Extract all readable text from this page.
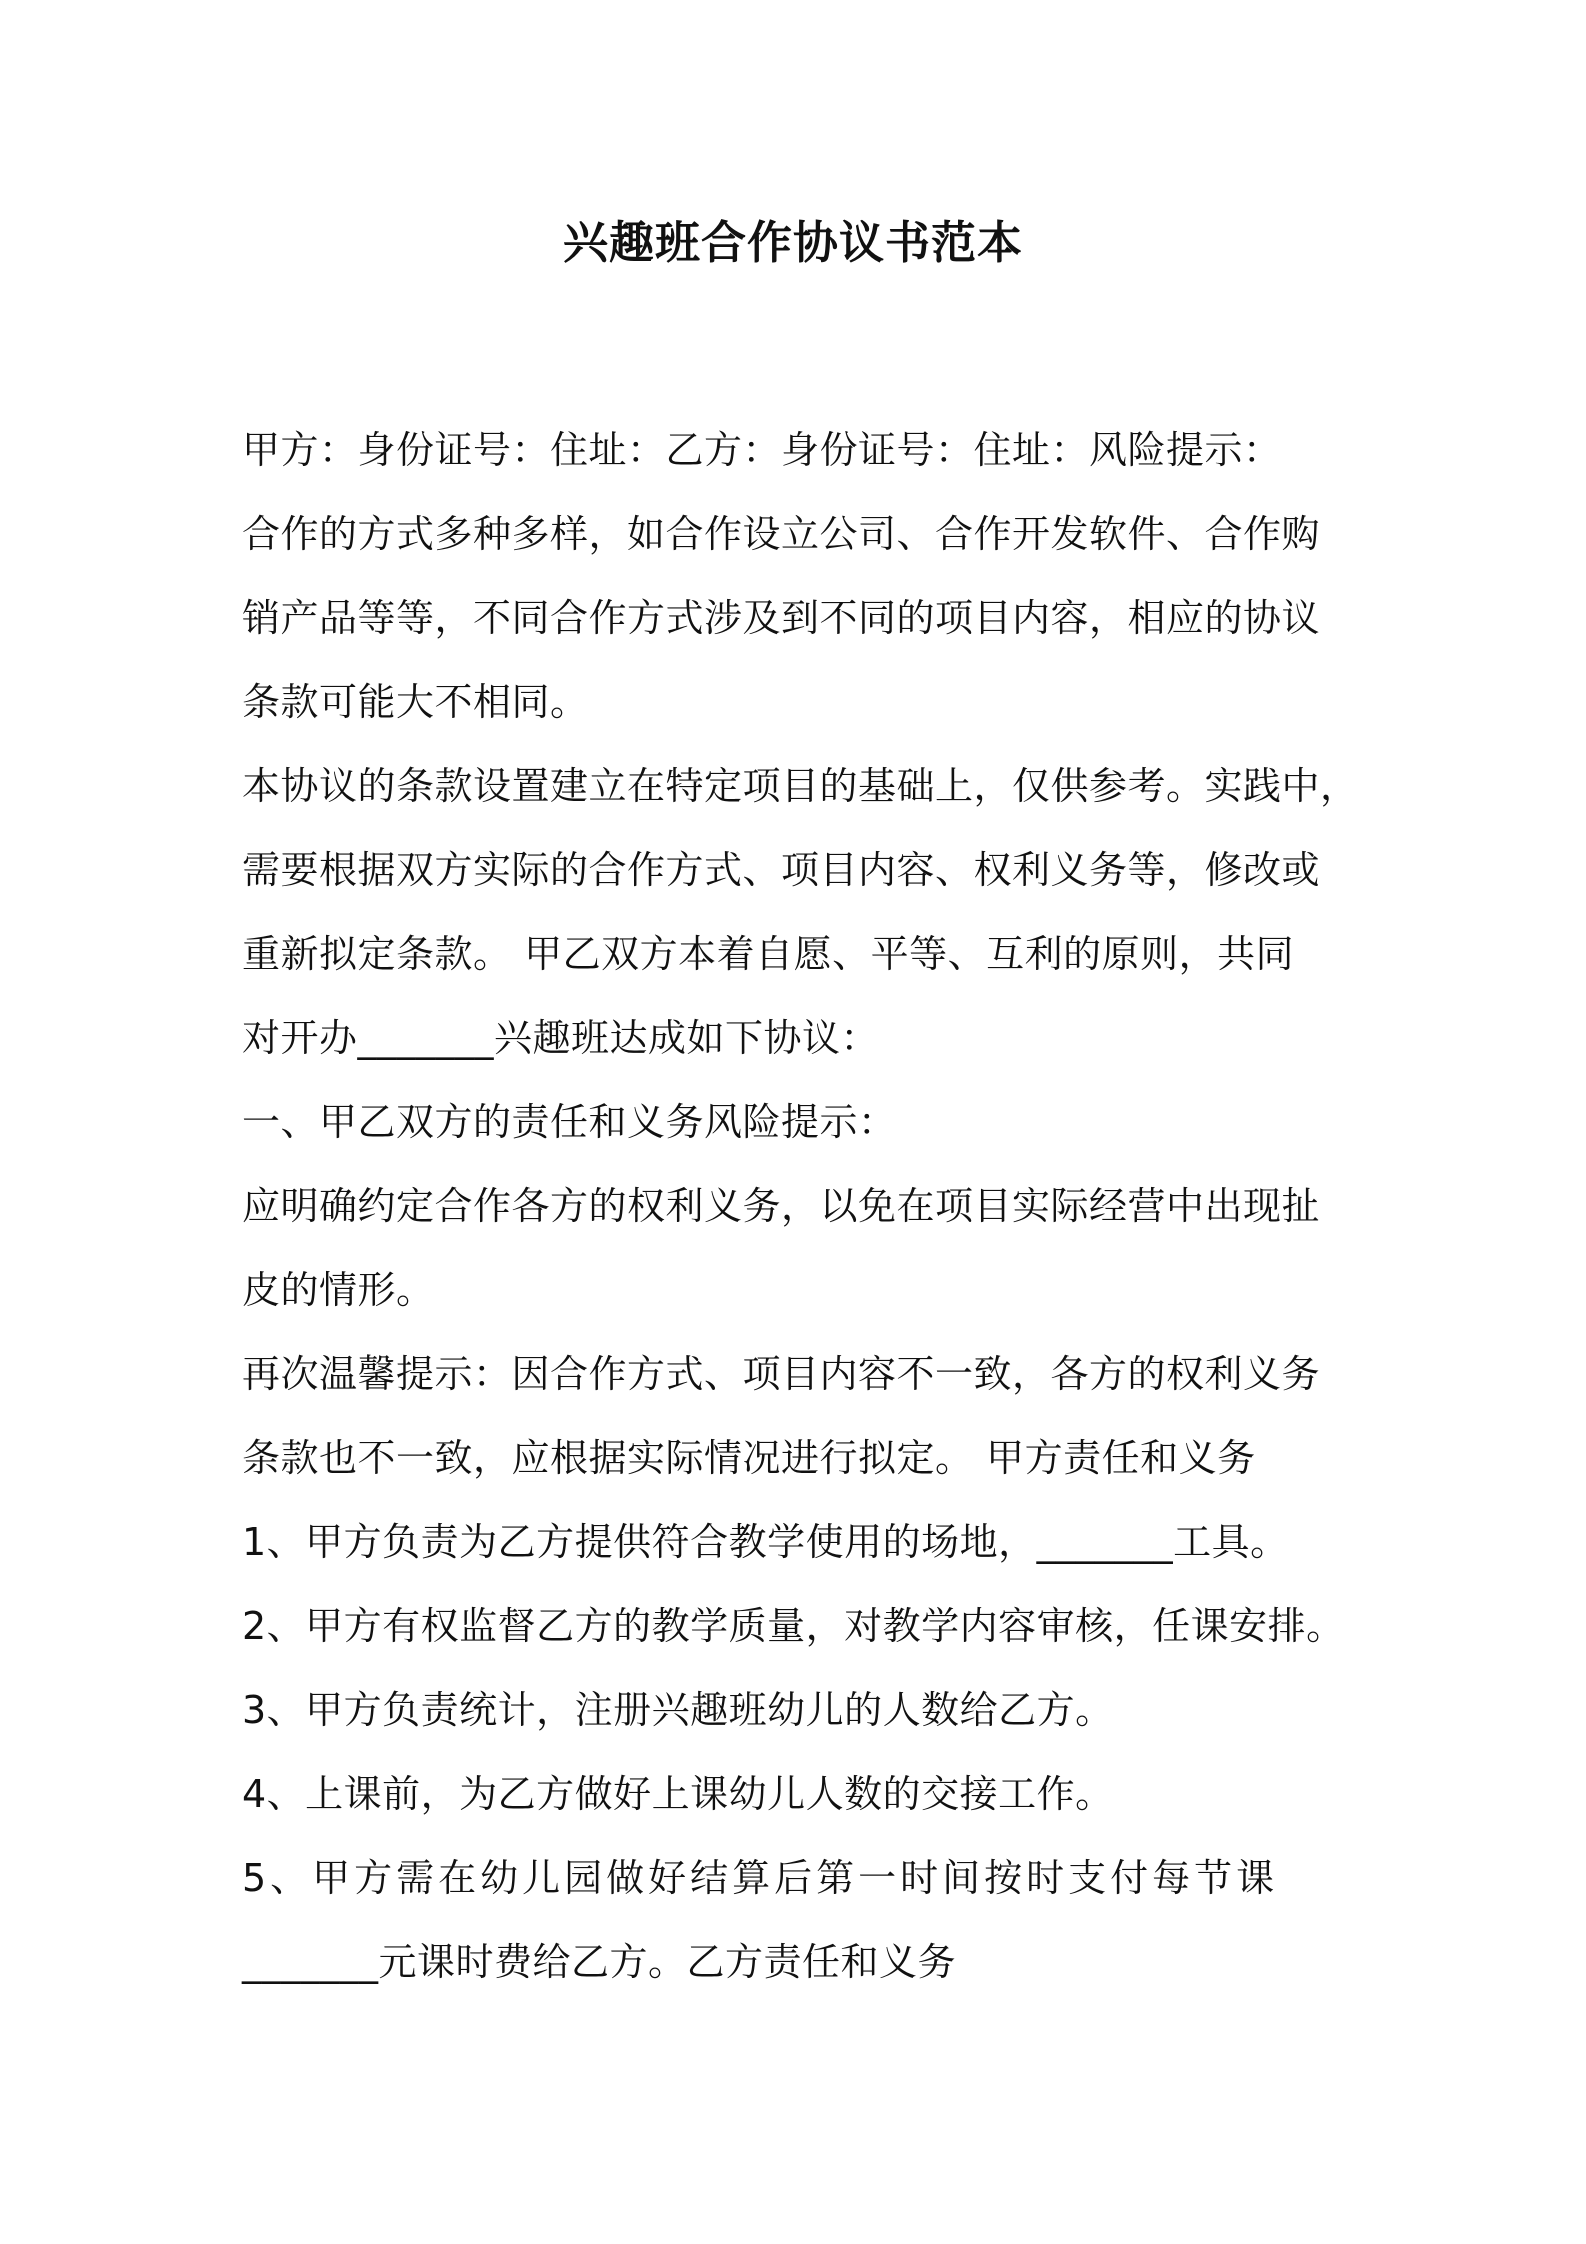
兴趣班合作协议书范本
甲方：身份证号：住址：乙方：身份证号：住址：风险提示：
合作的方式多种多样，如合作设立公司、合作开发软件、合作购
销产品等等，不同合作方式涉及到不同的项目内容，相应的协议
条款可能大不相同。
本协议的条款设置建立在特定项目的基础上，仅供参考。实践中，
需要根据双方实际的合作方式、项目内容、权利义务等，修改或
重新拟定条款。 甲乙双方本着自愿、平等、互利的原则，共同
对开办_______兴趣班达成如下协议：
一、甲乙双方的责任和义务风险提示：
应明确约定合作各方的权利义务，以免在项目实际经营中出现扯
皮的情形。
再次温馨提示：因合作方式、项目内容不一致，各方的权利义务
条款也不一致，应根据实际情况进行拟定。 甲方责任和义务
1、甲方负责为乙方提供符合教学使用的场地，_______工具。
2、甲方有权监督乙方的教学质量，对教学内容审核，任课安排。
3、甲方负责统计，注册兴趣班幼儿的人数给乙方。
4、上课前，为乙方做好上课幼儿人数的交接工作。
5、甲方需在幼儿园做好结算后第一时间按时支付每节课
_______元课时费给乙方。乙方责任和义务
